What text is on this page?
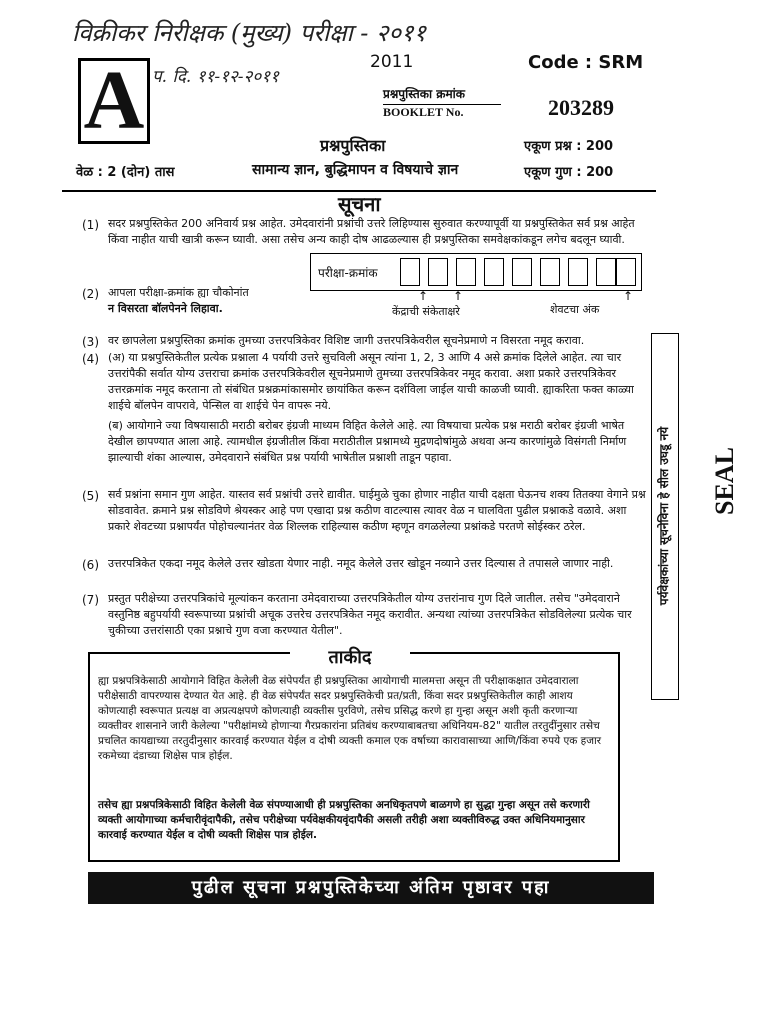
विक्रीकर निरीक्षक (मुख्य) परीक्षा - २०११
प. दि. ११-१२-२०११
A	2011	Code : SRM
प्रश्नपुस्तिका क्रमांक
BOOKLET No.	203289
प्रश्नपुस्तिका	एकूण प्रश्न : 200
वेळ : 2 (दोन) तास	सामान्य ज्ञान, बुद्धिमापन व विषयाचे ज्ञान	एकूण गुण : 200
सूचना
(1) सदर प्रश्नपुस्तिकेत 200 अनिवार्य प्रश्न आहेत. उमेदवारांनी प्रश्नांची उत्तरे लिहिण्यास सुरुवात करण्यापूर्वी या प्रश्नपुस्तिकेत सर्व प्रश्न आहेत किंवा नाहीत याची खात्री करून घ्यावी. असा तसेच अन्य काही दोष आढळल्यास ही प्रश्नपुस्तिका समवेक्षकांकडून लगेच बदलून घ्यावी.
(2) आपला परीक्षा-क्रमांक ह्या चौकोनांत
न विसरता बॉलपेनने लिहावा.
परीक्षा-क्रमांक
↑ ↑	↑
केंद्राची संकेताक्षरे	शेवटचा अंक
(3) वर छापलेला प्रश्नपुस्तिका क्रमांक तुमच्या उत्तरपत्रिकेवर विशिष्ट जागी उत्तरपत्रिकेवरील सूचनेप्रमाणे न विसरता नमूद करावा.
(4) (अ) या प्रश्नपुस्तिकेतील प्रत्येक प्रश्नाला 4 पर्यायी उत्तरे सुचविली असून त्यांना 1, 2, 3 आणि 4 असे क्रमांक दिलेले आहेत. त्या चार उत्तरांपैकी सर्वात योग्य उत्तराचा क्रमांक उत्तरपत्रिकेवरील सूचनेप्रमाणे तुमच्या उत्तरपत्रिकेवर नमूद करावा. अशा प्रकारे उत्तरपत्रिकेवर उत्तरक्रमांक नमूद करताना तो संबंधित प्रश्नक्रमांकासमोर छायांकित करून दर्शविला जाईल याची काळजी घ्यावी. ह्याकरिता फक्त काळ्या शाईचे बॉलपेन वापरावे, पेन्सिल वा शाईचे पेन वापरू नये.
(ब) आयोगाने ज्या विषयासाठी मराठी बरोबर इंग्रजी माध्यम विहित केलेले आहे. त्या विषयाचा प्रत्येक प्रश्न मराठी बरोबर इंग्रजी भाषेत देखील छापण्यात आला आहे. त्यामधील इंग्रजीतील किंवा मराठीतील प्रश्नामध्ये मुद्रणदोषांमुळे अथवा अन्य कारणांमुळे विसंगती निर्माण झाल्याची शंका आल्यास, उमेदवाराने संबंधित प्रश्न पर्यायी भाषेतील प्रश्नाशी ताडून पहावा.
(5) सर्व प्रश्नांना समान गुण आहेत. यास्तव सर्व प्रश्नांची उत्तरे द्यावीत. घाईमुळे चुका होणार नाहीत याची दक्षता घेऊनच शक्य तितक्या वेगाने प्रश्न सोडवावेत. क्रमाने प्रश्न सोडविणे श्रेयस्कर आहे पण एखादा प्रश्न कठीण वाटल्यास त्यावर वेळ न घालविता पुढील प्रश्नाकडे वळावे. अशा प्रकारे शेवटच्या प्रश्नापर्यंत पोहोचल्यानंतर वेळ शिल्लक राहिल्यास कठीण म्हणून वगळलेल्या प्रश्नांकडे परतणे सोईस्कर ठरेल.
(6) उत्तरपत्रिकेत एकदा नमूद केलेले उत्तर खोडता येणार नाही. नमूद केलेले उत्तर खोडून नव्याने उत्तर दिल्यास ते तपासले जाणार नाही.
(7) प्रस्तुत परीक्षेच्या उत्तरपत्रिकांचे मूल्यांकन करताना उमेदवाराच्या उत्तरपत्रिकेतील योग्य उत्तरांनाच गुण दिले जातील. तसेच "उमेदवाराने वस्तुनिष्ठ बहुपर्यायी स्वरूपाच्या प्रश्नांची अचूक उत्तरेच उत्तरपत्रिकेत नमूद करावीत. अन्यथा त्यांच्या उत्तरपत्रिकेत सोडविलेल्या प्रत्येक चार चुकीच्या उत्तरांसाठी एका प्रश्नाचे गुण वजा करण्यात येतील".
पर्यवेक्षकांच्या सूचनेविना हे सील उघडू नये SEAL
ताकीद
ह्या प्रश्नपत्रिकेसाठी आयोगाने विहित केलेली वेळ संपेपर्यंत ही प्रश्नपुस्तिका आयोगाची मालमत्ता असून ती परीक्षाकक्षात उमेदवाराला परीक्षेसाठी वापरण्यास देण्यात येत आहे. ही वेळ संपेपर्यंत सदर प्रश्नपुस्तिकेची प्रत/प्रती, किंवा सदर प्रश्नपुस्तिकेतील काही आशय कोणत्याही स्वरूपात प्रत्यक्ष वा अप्रत्यक्षपणे कोणत्याही व्यक्तीस पुरविणे, तसेच प्रसिद्ध करणे हा गुन्हा असून अशी कृती करणाऱ्या व्यक्तीवर शासनाने जारी केलेल्या "परीक्षांमध्ये होणाऱ्या गैरप्रकारांना प्रतिबंध करण्याबाबतचा अधिनियम-82" यातील तरतुदींनुसार तसेच प्रचलित कायद्याच्या तरतुदीनुसार कारवाई करण्यात येईल व दोषी व्यक्ती कमाल एक वर्षाच्या कारावासाच्या आणि/किंवा रुपये एक हजार रकमेच्या दंडाच्या शिक्षेस पात्र होईल.
तसेच ह्या प्रश्नपत्रिकेसाठी विहित केलेली वेळ संपण्याआधी ही प्रश्नपुस्तिका अनधिकृतपणे बाळगणे हा सुद्धा गुन्हा असून तसे करणारी व्यक्ती आयोगाच्या कर्मचारीवृंदापैकी, तसेच परीक्षेच्या पर्यवेक्षकीयवृंदापैकी असली तरीही अशा व्यक्तीविरुद्ध उक्त अधिनियमानुसार कारवाई करण्यात येईल व दोषी व्यक्ती शिक्षेस पात्र होईल.
पुढील सूचना प्रश्नपुस्तिकेच्या अंतिम पृष्ठावर पहा
